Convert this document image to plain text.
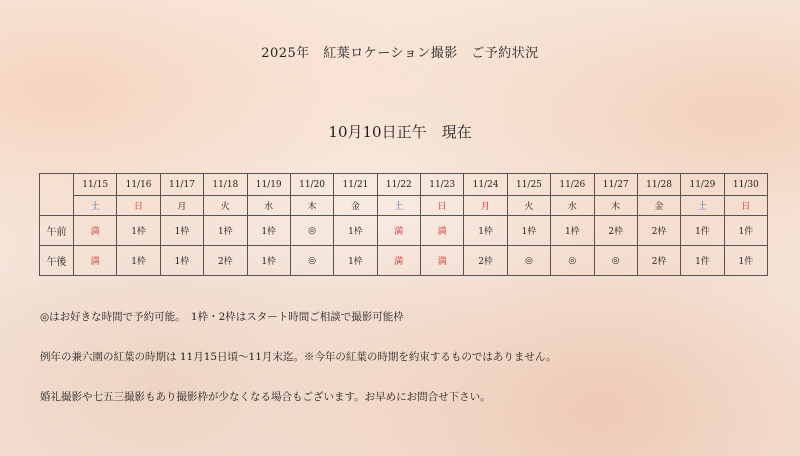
2025年　紅葉ロケーション撮影　ご予約状況
10月10日正午　現在
	11/15	11/16	11/17	11/18	11/19	11/20	11/21	11/22	11/23	11/24	11/25	11/26	11/27	11/28	11/29	11/30
	土	日	月	火	水	木	金	土	日	月	火	水	木	金	土	日
午前	満	1枠	1枠	1枠	1枠	◎	1枠	満	満	1枠	1枠	1枠	2枠	2枠	1件	1件
午後	満	1枠	1枠	2枠	1枠	◎	1枠	満	満	2枠	◎	◎	◎	2枠	1件	1件
◎はお好きな時間で予約可能。　1枠・2枠はスタート時間ご相談で撮影可能枠
例年の兼六園の紅葉の時期は 11月15日頃〜11月末迄。※今年の紅葉の時期を約束するものではありません。
婚礼撮影や七五三撮影もあり撮影枠が少なくなる場合もございます。お早めにお問合せ下さい。
